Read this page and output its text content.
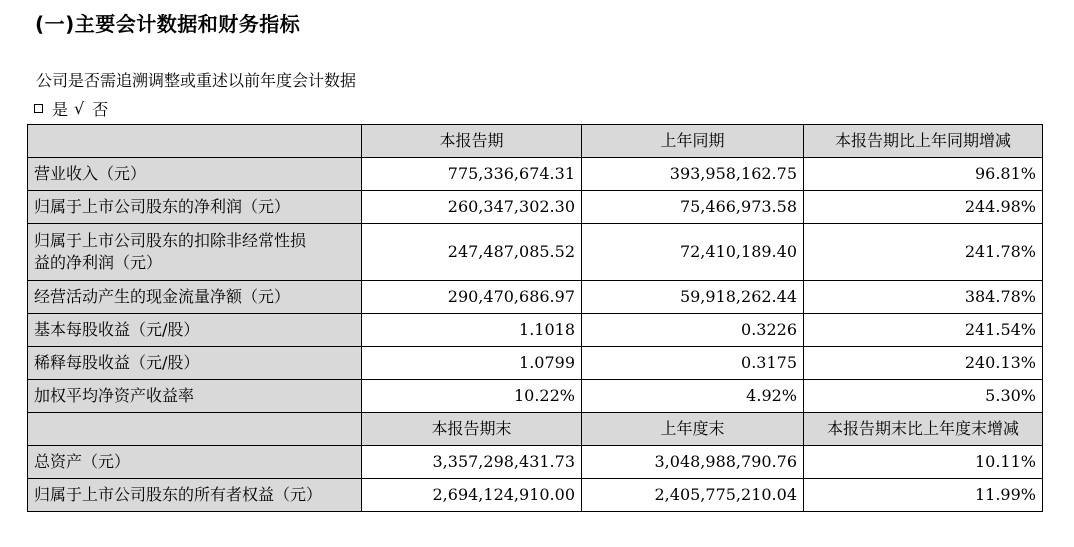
(一)主要会计数据和财务指标
公司是否需追溯调整或重述以前年度会计数据
是 √ 否
	本报告期	上年同期	本报告期比上年同期增减
营业收入（元）	775,336,674.31	393,958,162.75	96.81%
归属于上市公司股东的净利润（元）	260,347,302.30	75,466,973.58	244.98%

归属于上市公司股东的扣除非经常性损
益的净利润（元）	247,487,085.52	72,410,189.40	241.78%
经营活动产生的现金流量净额（元）	290,470,686.97	59,918,262.44	384.78%
基本每股收益（元/股）	1.1018	0.3226	241.54%
稀释每股收益（元/股）	1.0799	0.3175	240.13%
加权平均净资产收益率	10.22%	4.92%	5.30%
	本报告期末	上年度末	本报告期末比上年度末增减
总资产（元）	3,357,298,431.73	3,048,988,790.76	10.11%
归属于上市公司股东的所有者权益（元）	2,694,124,910.00	2,405,775,210.04	11.99%
